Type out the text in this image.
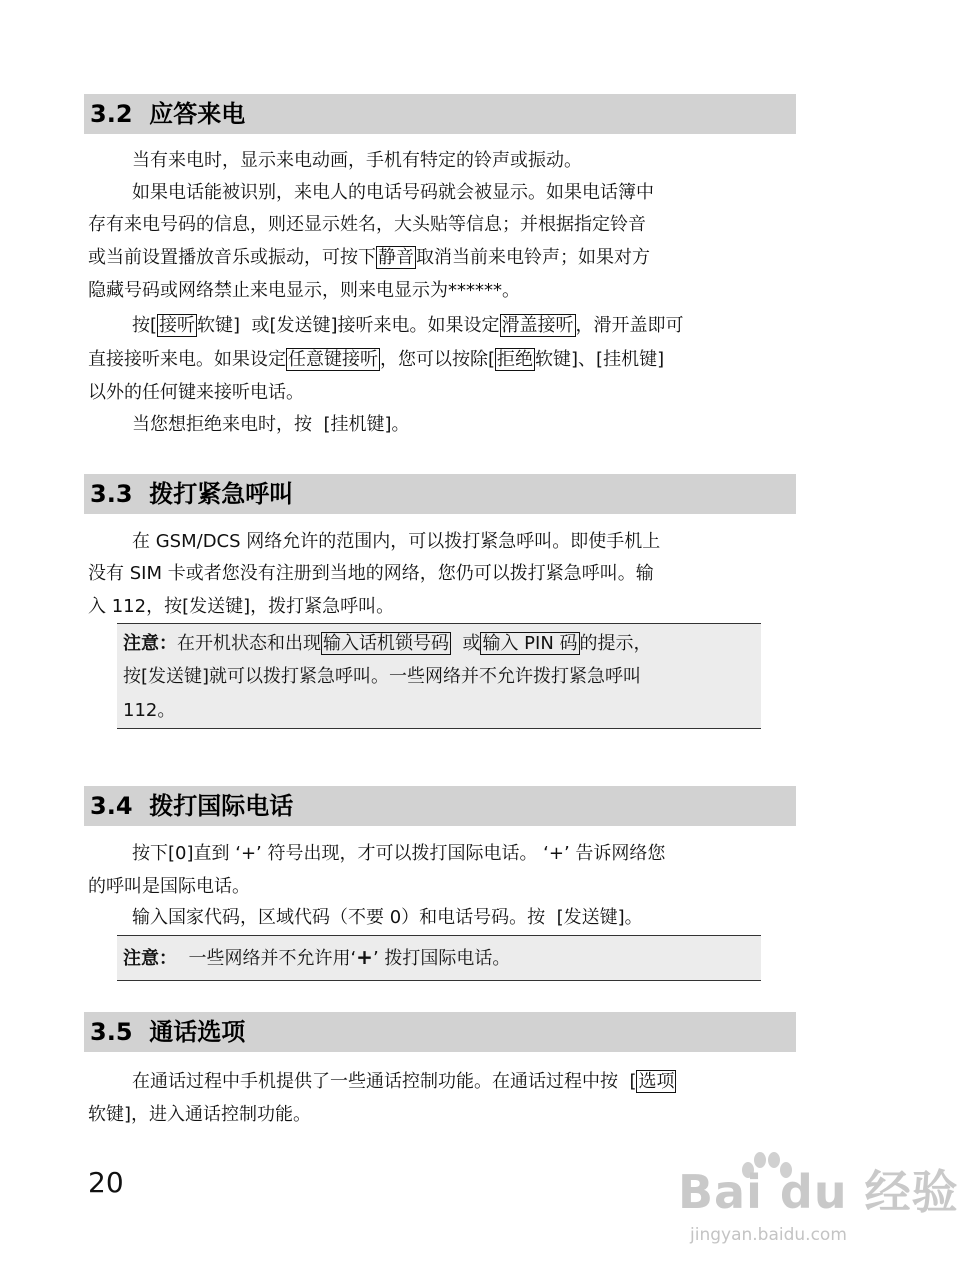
3.2  应答来电
当有来电时，显示来电动画，手机有特定的铃声或振动。
如果电话能被识别，来电人的电话号码就会被显示。如果电话簿中
存有来电号码的信息，则还显示姓名，大头贴等信息；并根据指定铃音
或当前设置播放音乐或振动，可按下 静音 取消当前来电铃声；如果对方
隐藏号码或网络禁止来电显示，则来电显示为******。
按[ 接听 软键]  或[发送键]接听来电。如果设定 滑盖接听 ，滑开盖即可
直接接听来电。如果设定 任意键接听 ，您可以按除[ 拒绝 软键]、[挂机键]
以外的任何键来接听电话。
当您想拒绝来电时，按  [挂机键]。
3.3  拨打紧急呼叫
在 GSM/DCS 网络允许的范围内，可以拨打紧急呼叫。即使手机上
没有 SIM 卡或者您没有注册到当地的网络，您仍可以拨打紧急呼叫。输
入 112，按[发送键]，拨打紧急呼叫。
注意：在开机状态和出现 输入话机锁号码  或 输入 PIN 码 的提示，
按[发送键]就可以拨打紧急呼叫。一些网络并不允许拨打紧急呼叫
112。
3.4  拨打国际电话
按下[0]直到 ‘+’ 符号出现，才可以拨打国际电话。 ‘+’ 告诉网络您
的呼叫是国际电话。
输入国家代码，区域代码（不要 0）和电话号码。按  [发送键]。
注意：  一些网络并不允许用‘+’ 拨打国际电话。
3.5  通话选项
在通话过程中手机提供了一些通话控制功能。在通话过程中按  [ 选项
软键]，进入通话控制功能。
20	Bai du 经验
jingyan.baidu.com
